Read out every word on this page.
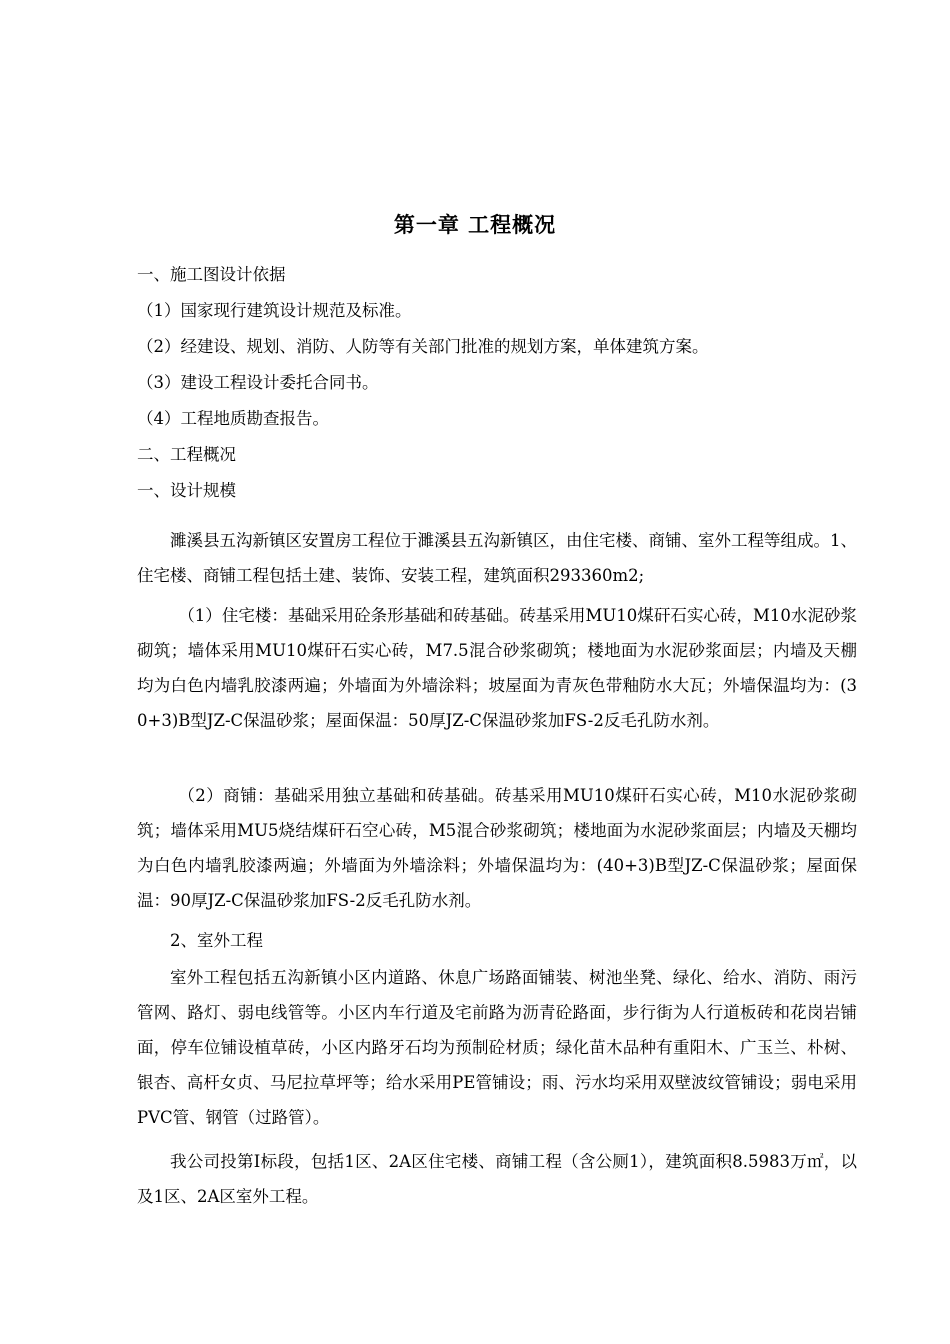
第一章 工程概况
一、施工图设计依据
（1）国家现行建筑设计规范及标准。
（2）经建设、规划、消防、人防等有关部门批准的规划方案，单体建筑方案。
（3）建设工程设计委托合同书。
（4）工程地质勘查报告。
二、工程概况
一、设计规模
濉溪县五沟新镇区安置房工程位于濉溪县五沟新镇区，由住宅楼、商铺、室外工程等组成。1、住宅楼、商铺工程包括土建、装饰、安装工程，建筑面积293360m2;
（1）住宅楼：基础采用砼条形基础和砖基础。砖基采用MU10煤矸石实心砖，M10水泥砂浆砌筑；墙体采用MU10煤矸石实心砖，M7.5混合砂浆砌筑；楼地面为水泥砂浆面层；内墙及天棚均为白色内墙乳胶漆两遍；外墙面为外墙涂料；坡屋面为青灰色带釉防水大瓦；外墙保温均为：(30+3)B型JZ-C保温砂浆；屋面保温：50厚JZ-C保温砂浆加FS-2反毛孔防水剂。
（2）商铺：基础采用独立基础和砖基础。砖基采用MU10煤矸石实心砖，M10水泥砂浆砌筑；墙体采用MU5烧结煤矸石空心砖，M5混合砂浆砌筑；楼地面为水泥砂浆面层；内墙及天棚均为白色内墙乳胶漆两遍；外墙面为外墙涂料；外墙保温均为：(40+3)B型JZ-C保温砂浆；屋面保温：90厚JZ-C保温砂浆加FS-2反毛孔防水剂。
2、室外工程
室外工程包括五沟新镇小区内道路、休息广场路面铺装、树池坐凳、绿化、给水、消防、雨污管网、路灯、弱电线管等。小区内车行道及宅前路为沥青砼路面，步行街为人行道板砖和花岗岩铺面，停车位铺设植草砖，小区内路牙石均为预制砼材质；绿化苗木品种有重阳木、广玉兰、朴树、银杏、高杆女贞、马尼拉草坪等；给水采用PE管铺设；雨、污水均采用双壁波纹管铺设；弱电采用PVC管、钢管（过路管）。
我公司投第Ⅰ标段，包括1区、2A区住宅楼、商铺工程（含公厕1），建筑面积8.5983万㎡，以及1区、2A区室外工程。
